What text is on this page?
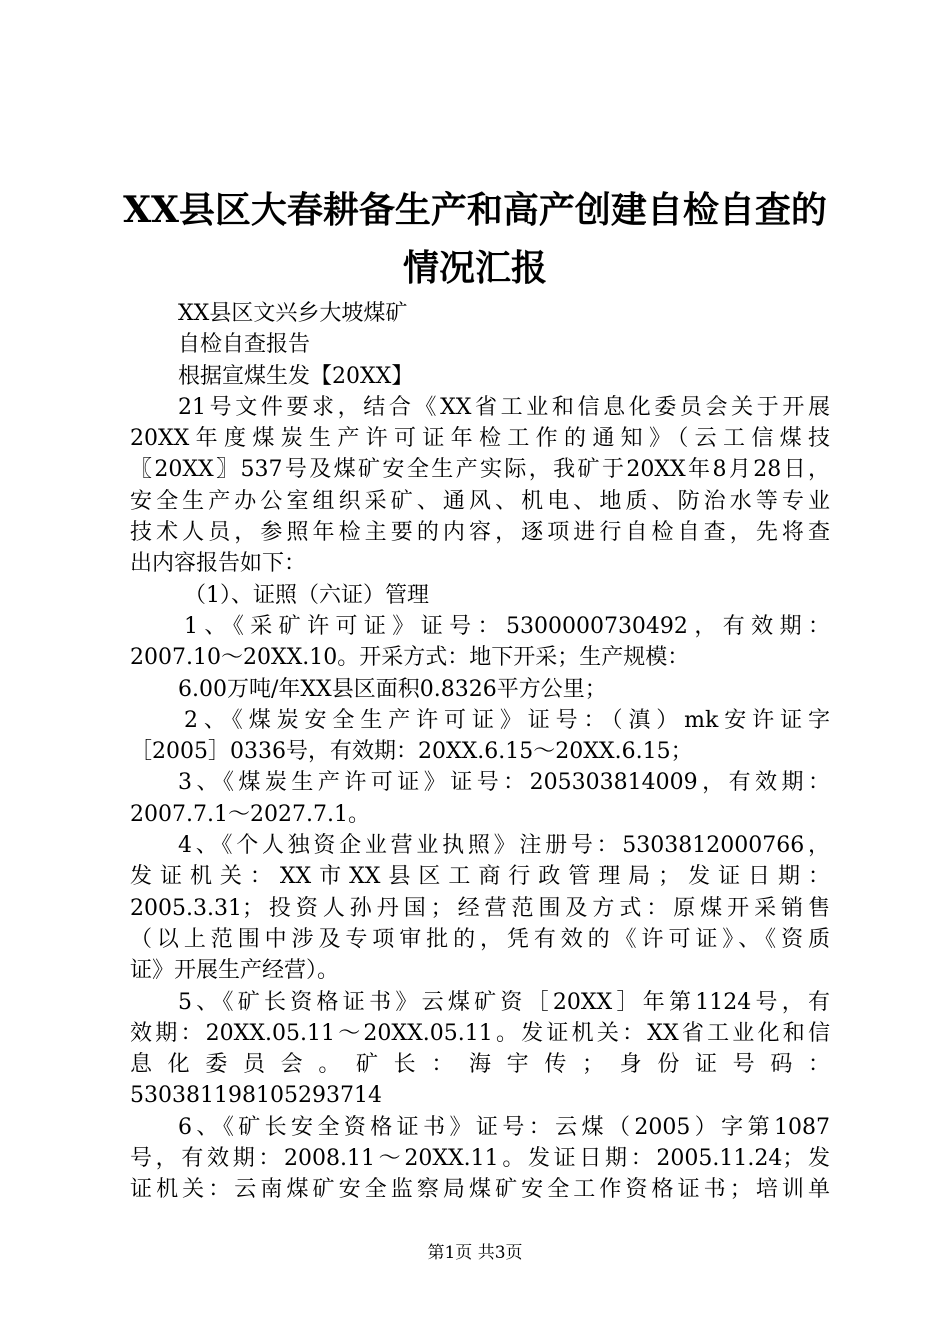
XX县区大春耕备生产和高产创建自检自查的
情况汇报
XX县区文兴乡大坡煤矿
自检自查报告
根据宣煤生发【20XX】
21号文件要求，结合《XX省工业和信息化委员会关于开展
20XX年度煤炭生产许可证年检工作的通知》（云工信煤技
〖20XX〗537号及煤矿安全生产实际，我矿于20XX年8月28日，
安全生产办公室组织采矿、通风、机电、地质、防治水等专业
技术人员，参照年检主要的内容，逐项进行自检自查，先将查
出内容报告如下：
（1）、证照（六证）管理
1、《采矿许可证》证号：5300000730492，有效期：
2007.10～20XX.10。开采方式：地下开采；生产规模：
6.00万吨/年XX县区面积0.8326平方公里；
2、《煤炭安全生产许可证》证号：（滇）mk安许证字
［2005］0336号，有效期：20XX.6.15～20XX.6.15；
3、《煤炭生产许可证》证号：205303814009，有效期：
2007.7.1～2027.7.1。
4、《个人独资企业营业执照》注册号：5303812000766，
发证机关：XX市XX县区工商行政管理局；发证日期：
2005.3.31；投资人孙丹国；经营范围及方式：原煤开采销售
（以上范围中涉及专项审批的，凭有效的《许可证》、《资质
证》开展生产经营）。
5、《矿长资格证书》云煤矿资［20XX］年第1124号，有
效期：20XX.05.11～20XX.05.11。发证机关：XX省工业化和信
息化委员会。矿长：海宇传；身份证号码：
530381198105293714
6、《矿长安全资格证书》证号：云煤（2005）字第1087
号，有效期：2008.11～20XX.11。发证日期：2005.11.24；发
证机关：云南煤矿安全监察局煤矿安全工作资格证书；培训单
第1页 共3页
